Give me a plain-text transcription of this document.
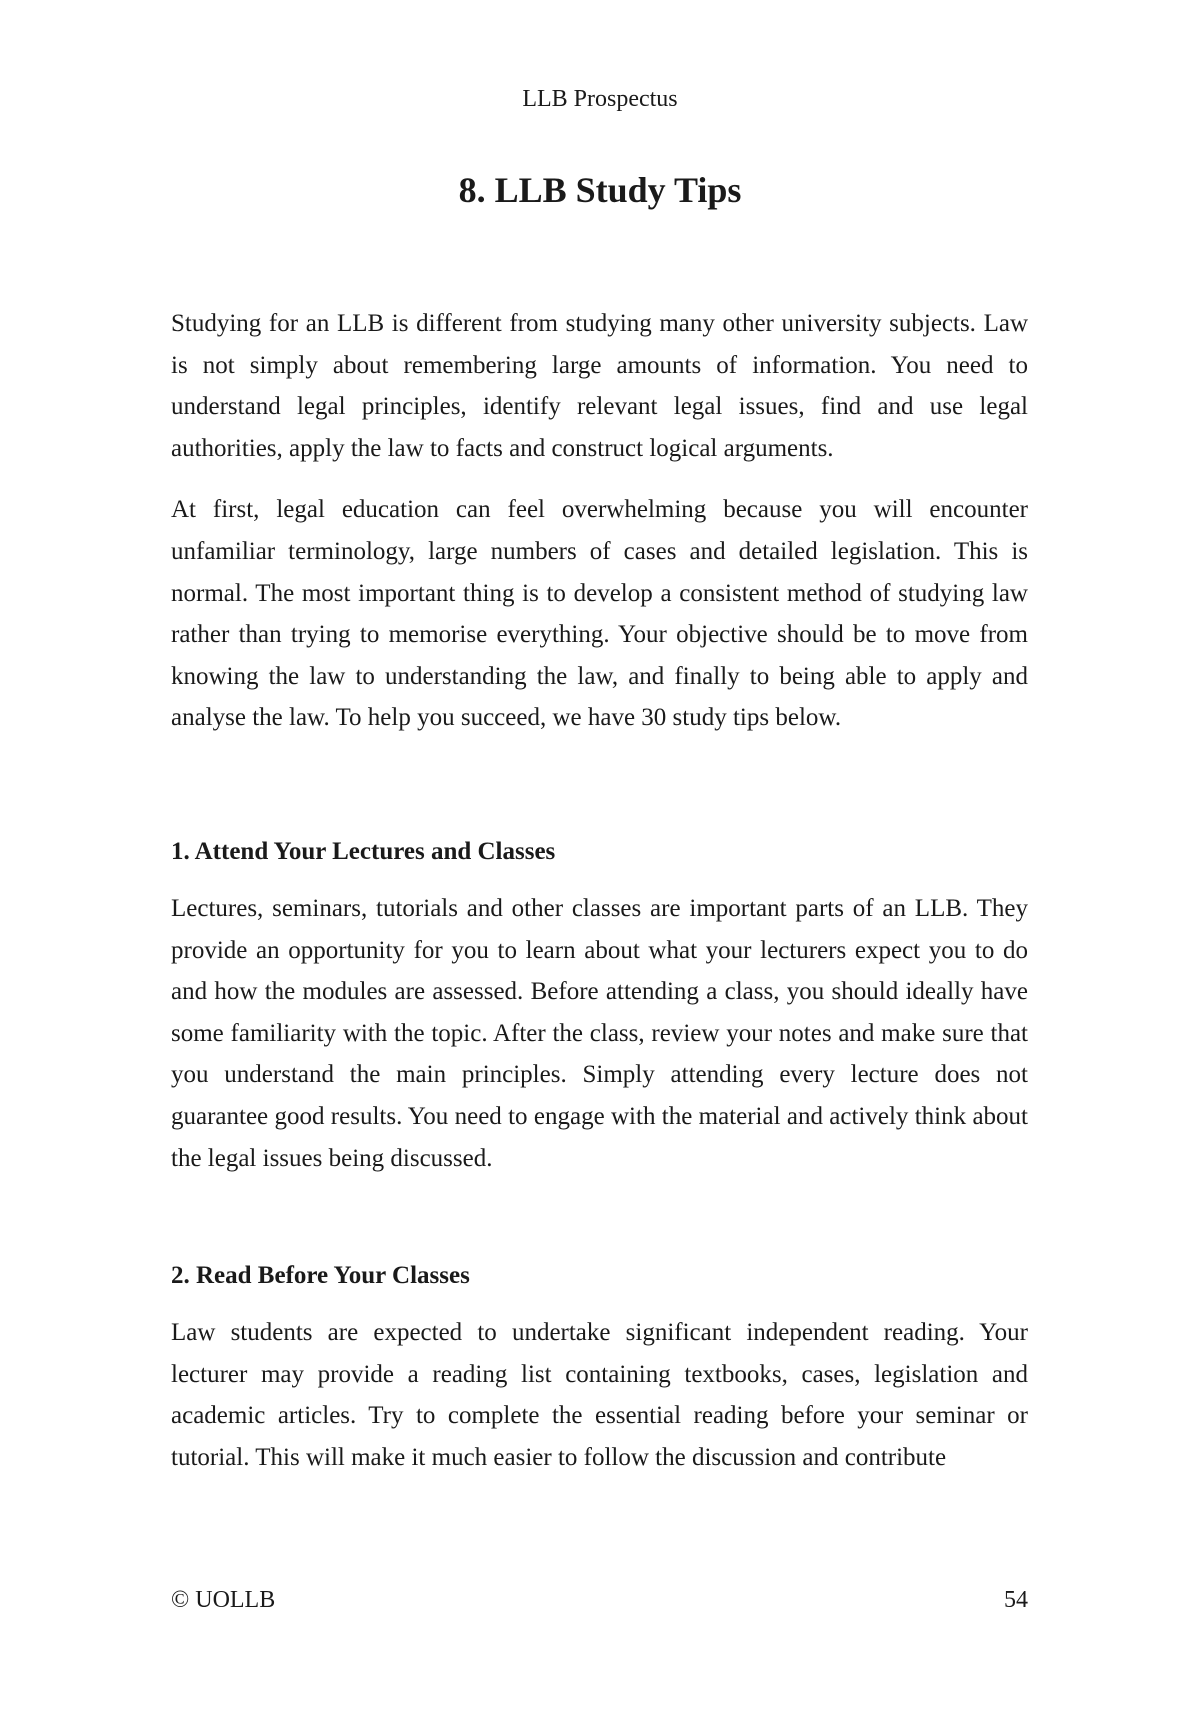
LLB Prospectus
8. LLB Study Tips

Studying for an LLB is different from studying many other university subjects. Law is not simply about remembering large amounts of information. You need to understand legal principles, identify relevant legal issues, find and use legal authorities, apply the law to facts and construct logical arguments.

At first, legal education can feel overwhelming because you will encounter unfamiliar terminology, large numbers of cases and detailed legislation. This is normal. The most important thing is to develop a consistent method of studying law rather than trying to memorise everything. Your objective should be to move from knowing the law to understanding the law, and finally to being able to apply and analyse the law. To help you succeed, we have 30 study tips below.

1. Attend Your Lectures and Classes

Lectures, seminars, tutorials and other classes are important parts of an LLB. They provide an opportunity for you to learn about what your lecturers expect you to do and how the modules are assessed. Before attending a class, you should ideally have some familiarity with the topic. After the class, review your notes and make sure that you understand the main principles. Simply attending every lecture does not guarantee good results. You need to engage with the material and actively think about the legal issues being discussed.

2. Read Before Your Classes

Law students are expected to undertake significant independent reading. Your lecturer may provide a reading list containing textbooks, cases, legislation and academic articles. Try to complete the essential reading before your seminar or tutorial. This will make it much easier to follow the discussion and contribute

© UOLLB	54
